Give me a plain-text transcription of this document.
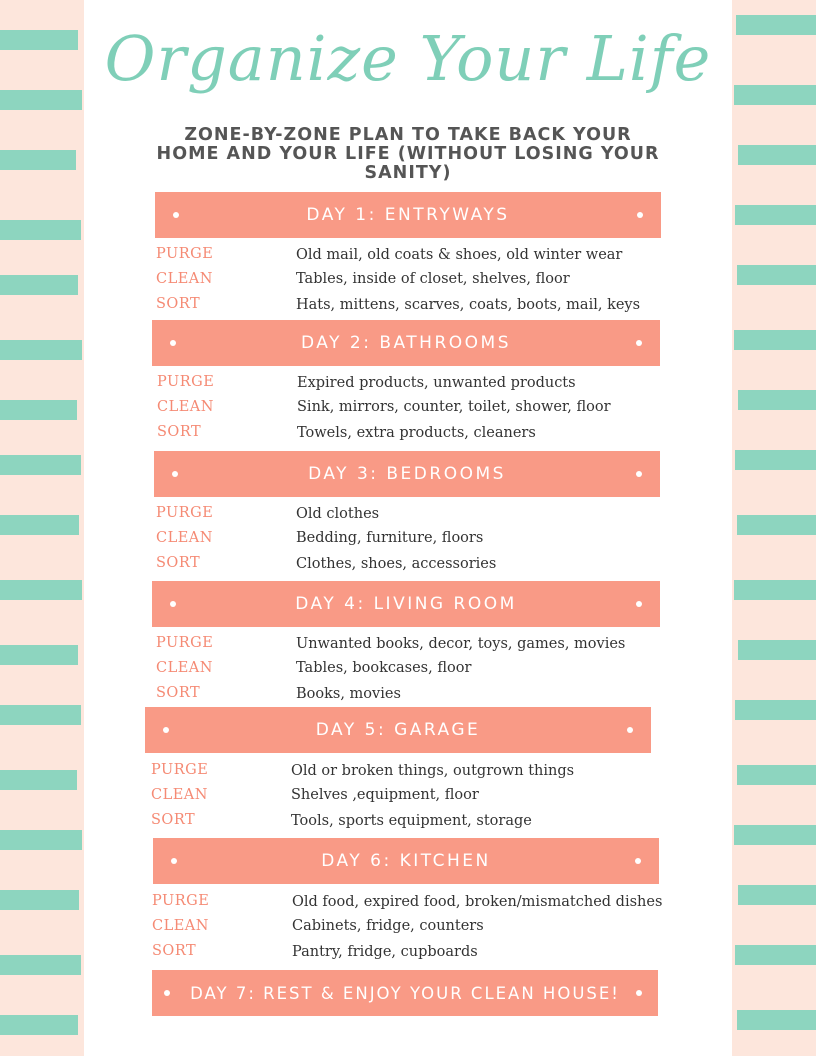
Organize Your Life
ZONE-BY-ZONE PLAN TO TAKE BACK YOUR HOME AND YOUR LIFE (WITHOUT LOSING YOUR SANITY)
DAY 1: ENTRYWAYS
PURGE	Old mail, old coats & shoes, old winter wear
CLEAN	Tables, inside of closet, shelves, floor
SORT	Hats, mittens, scarves, coats, boots, mail, keys
DAY 2: BATHROOMS
PURGE	Expired products, unwanted products
CLEAN	Sink, mirrors, counter, toilet, shower, floor
SORT	Towels, extra products, cleaners
DAY 3: BEDROOMS
PURGE	Old clothes
CLEAN	Bedding, furniture, floors
SORT	Clothes, shoes, accessories
DAY 4: LIVING ROOM
PURGE	Unwanted books, decor, toys, games, movies
CLEAN	Tables, bookcases, floor
SORT	Books, movies
DAY 5: GARAGE
PURGE	Old or broken things, outgrown things
CLEAN	Shelves ,equipment, floor
SORT	Tools, sports equipment, storage
DAY 6: KITCHEN
PURGE	Old food, expired food, broken/mismatched dishes
CLEAN	Cabinets, fridge, counters
SORT	Pantry, fridge, cupboards
DAY 7: REST & ENJOY YOUR CLEAN HOUSE!
